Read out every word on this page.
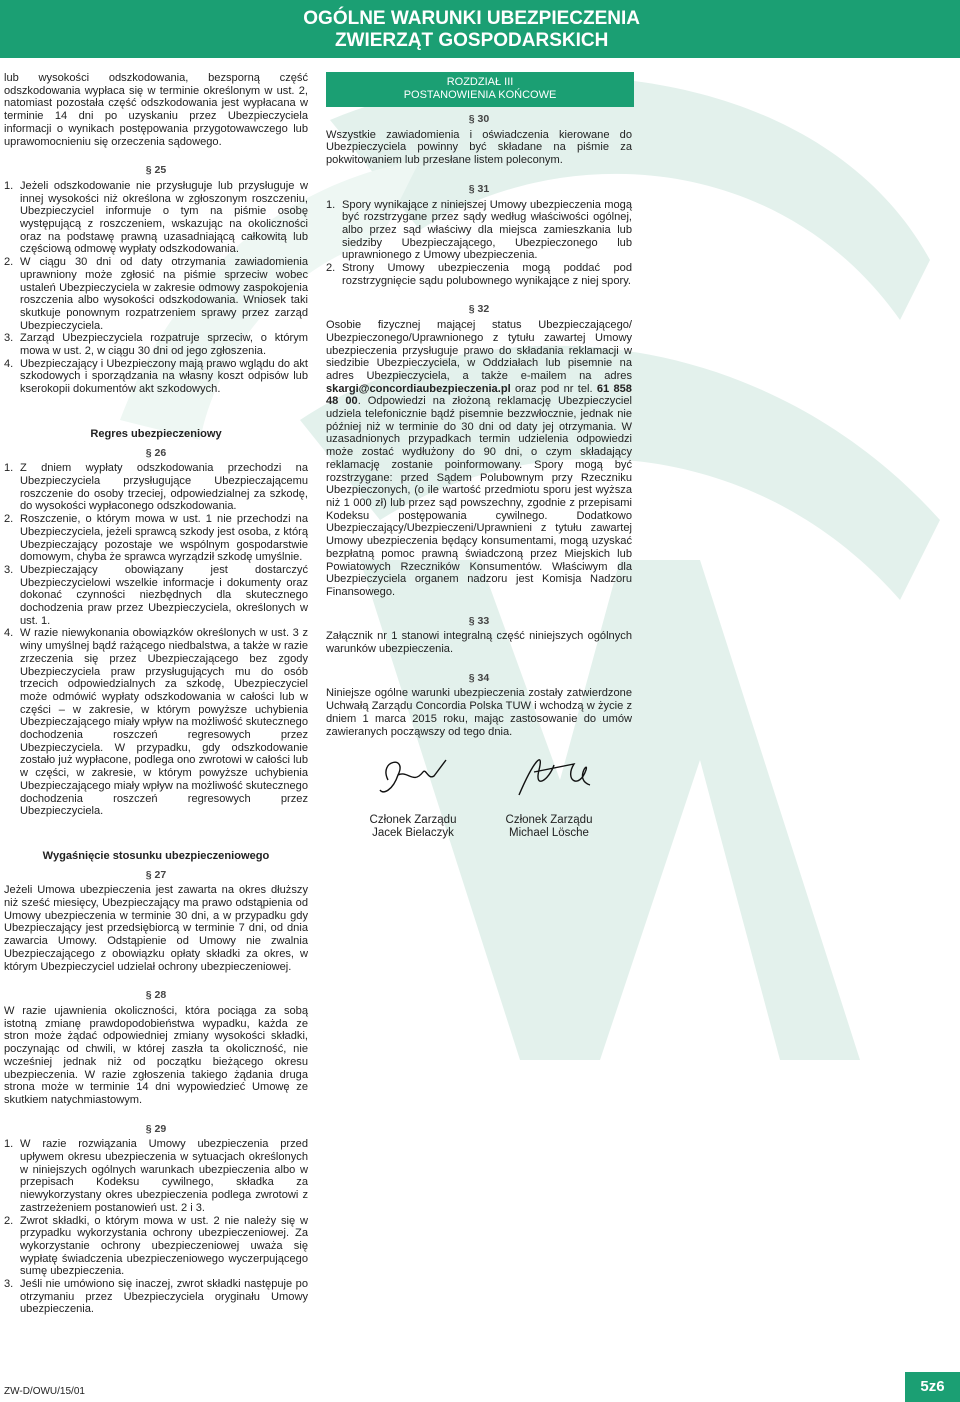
OGÓLNE WARUNKI UBEZPIECZENIA
ZWIERZĄT GOSPODARSKICH

lub wysokości odszkodowania, bezsporną część odszkodowania wypłaca się w terminie określonym w ust. 2, natomiast pozostała część odszkodowania jest wypłacana w terminie 14 dni po uzyskaniu przez Ubezpieczyciela informacji o wynikach postępowania przygotowawczego lub uprawomocnieniu się orzeczenia sądowego.

§ 25
1. Jeżeli odszkodowanie nie przysługuje lub przysługuje w innej wysokości niż określona w zgłoszonym roszczeniu, Ubezpieczyciel informuje o tym na piśmie osobę występującą z roszczeniem, wskazując na okoliczności oraz na podstawę prawną uzasadniającą całkowitą lub częściową odmowę wypłaty odszkodowania.
2. W ciągu 30 dni od daty otrzymania zawiadomienia uprawniony może zgłosić na piśmie sprzeciw wobec ustaleń Ubezpieczyciela w zakresie odmowy zaspokojenia roszczenia albo wysokości odszkodowania. Wniosek taki skutkuje ponownym rozpatrzeniem sprawy przez zarząd Ubezpieczyciela.
3. Zarząd Ubezpieczyciela rozpatruje sprzeciw, o którym mowa w ust. 2, w ciągu 30 dni od jego zgłoszenia.
4. Ubezpieczający i Ubezpieczony mają prawo wglądu do akt szkodowych i sporządzania na własny koszt odpisów lub kserokopii dokumentów akt szkodowych.
Regres ubezpieczeniowy
§ 26
1. Z dniem wypłaty odszkodowania przechodzi na Ubezpieczyciela przysługujące Ubezpieczającemu roszczenie do osoby trzeciej, odpowiedzialnej za szkodę, do wysokości wypłaconego odszkodowania.
2. Roszczenie, o którym mowa w ust. 1 nie przechodzi na Ubezpieczyciela, jeżeli sprawcą szkody jest osoba, z którą Ubezpieczający pozostaje we wspólnym gospodarstwie domowym, chyba że sprawca wyrządził szkodę umyślnie.
3. Ubezpieczający obowiązany jest dostarczyć Ubezpieczycielowi wszelkie informacje i dokumenty oraz dokonać czynności niezbędnych dla skutecznego dochodzenia praw przez Ubezpieczyciela, określonych w ust. 1.
4. W razie niewykonania obowiązków określonych w ust. 3 z winy umyślnej bądź rażącego niedbalstwa, a także w razie zrzeczenia się przez Ubezpieczającego bez zgody Ubezpieczyciela praw przysługujących mu do osób trzecich odpowiedzialnych za szkodę, Ubezpieczyciel może odmówić wypłaty odszkodowania w całości lub w części – w zakresie, w którym powyższe uchybienia Ubezpieczającego miały wpływ na możliwość skutecznego dochodzenia roszczeń regresowych przez Ubezpieczyciela. W przypadku, gdy odszkodowanie zostało już wypłacone, podlega ono zwrotowi w całości lub w części, w zakresie, w którym powyższe uchybienia Ubezpieczającego miały wpływ na możliwość skutecznego dochodzenia roszczeń regresowych przez Ubezpieczyciela.
Wygaśnięcie stosunku ubezpieczeniowego
§ 27

Jeżeli Umowa ubezpieczenia jest zawarta na okres dłuższy niż sześć miesięcy, Ubezpieczający ma prawo odstąpienia od Umowy ubezpieczenia w terminie 30 dni, a w przypadku gdy Ubezpieczający jest przedsiębiorcą w terminie 7 dni, od dnia zawarcia Umowy. Odstąpienie od Umowy nie zwalnia Ubezpieczającego z obowiązku opłaty składki za okres, w którym Ubezpieczyciel udzielał ochrony ubezpieczeniowej.

§ 28

W razie ujawnienia okoliczności, która pociąga za sobą istotną zmianę prawdopodobieństwa wypadku, każda ze stron może żądać odpowiedniej zmiany wysokości składki, poczynając od chwili, w której zaszła ta okoliczność, nie wcześniej jednak niż od początku bieżącego okresu ubezpieczenia. W razie zgłoszenia takiego żądania druga strona może w terminie 14 dni wypowiedzieć Umowę ze skutkiem natychmiastowym.

§ 29
1. W razie rozwiązania Umowy ubezpieczenia przed upływem okresu ubezpieczenia w sytuacjach określonych w niniejszych ogólnych warunkach ubezpieczenia albo w przepisach Kodeksu cywilnego, składka za niewykorzystany okres ubezpieczenia podlega zwrotowi z zastrzeżeniem postanowień ust. 2 i 3.
2. Zwrot składki, o którym mowa w ust. 2 nie należy się w przypadku wykorzystania ochrony ubezpieczeniowej. Za wykorzystanie ochrony ubezpieczeniowej uważa się wypłatę świadczenia ubezpieczeniowego wyczerpującego sumę ubezpieczenia.
3. Jeśli nie umówiono się inaczej, zwrot składki następuje po otrzymaniu przez Ubezpieczyciela oryginału Umowy ubezpieczenia.
ROZDZIAŁ III
POSTANOWIENIA KOŃCOWE
§ 30

Wszystkie zawiadomienia i oświadczenia kierowane do Ubezpieczyciela powinny być składane na piśmie za pokwitowaniem lub przesłane listem poleconym.

§ 31
1. Spory wynikające z niniejszej Umowy ubezpieczenia mogą być rozstrzygane przez sądy według właściwości ogólnej, albo przez sąd właściwy dla miejsca zamieszkania lub siedziby Ubezpieczającego, Ubezpieczonego lub uprawnionego z Umowy ubezpieczenia.
2. Strony Umowy ubezpieczenia mogą poddać pod rozstrzygnięcie sądu polubownego wynikające z niej spory.
§ 32

Osobie fizycznej mającej status Ubezpieczającego/ Ubezpieczonego/Uprawnionego z tytułu zawartej Umowy ubezpieczenia przysługuje prawo do składania reklamacji w siedzibie Ubezpieczyciela, w Oddziałach lub pisemnie na adres Ubezpieczyciela, a także e-mailem na adres skargi@concordiaubezpieczenia.pl oraz pod nr tel. 61 858 48 00. Odpowiedzi na złożoną reklamację Ubezpieczyciel udziela telefonicznie bądź pisemnie bezzwłocznie, jednak nie później niż w terminie do 30 dni od daty jej otrzymania. W uzasadnionych przypadkach termin udzielenia odpowiedzi może zostać wydłużony do 90 dni, o czym składający reklamację zostanie poinformowany. Spory mogą być rozstrzygane: przed Sądem Polubownym przy Rzeczniku Ubezpieczonych, (o ile wartość przedmiotu sporu jest wyższa niż 1 000 zł) lub przez sąd powszechny, zgodnie z przepisami Kodeksu postępowania cywilnego. Dodatkowo Ubezpieczający/Ubezpieczeni/Uprawnieni z tytułu zawartej Umowy ubezpieczenia będący konsumentami, mogą uzyskać bezpłatną pomoc prawną świadczoną przez Miejskich lub Powiatowych Rzeczników Konsumentów. Właściwym dla Ubezpieczyciela organem nadzoru jest Komisja Nadzoru Finansowego.

§ 33

Załącznik nr 1 stanowi integralną część niniejszych ogólnych warunków ubezpieczenia.

§ 34

Niniejsze ogólne warunki ubezpieczenia zostały zatwierdzone Uchwałą Zarządu Concordia Polska TUW i wchodzą w życie z dniem 1 marca 2015 roku, mając zastosowanie do umów zawieranych począwszy od tego dnia.

Członek Zarządu
Jacek Bielaczyk
Członek Zarządu
Michael Lösche
ZW-D/OWU/15/01	5z6
